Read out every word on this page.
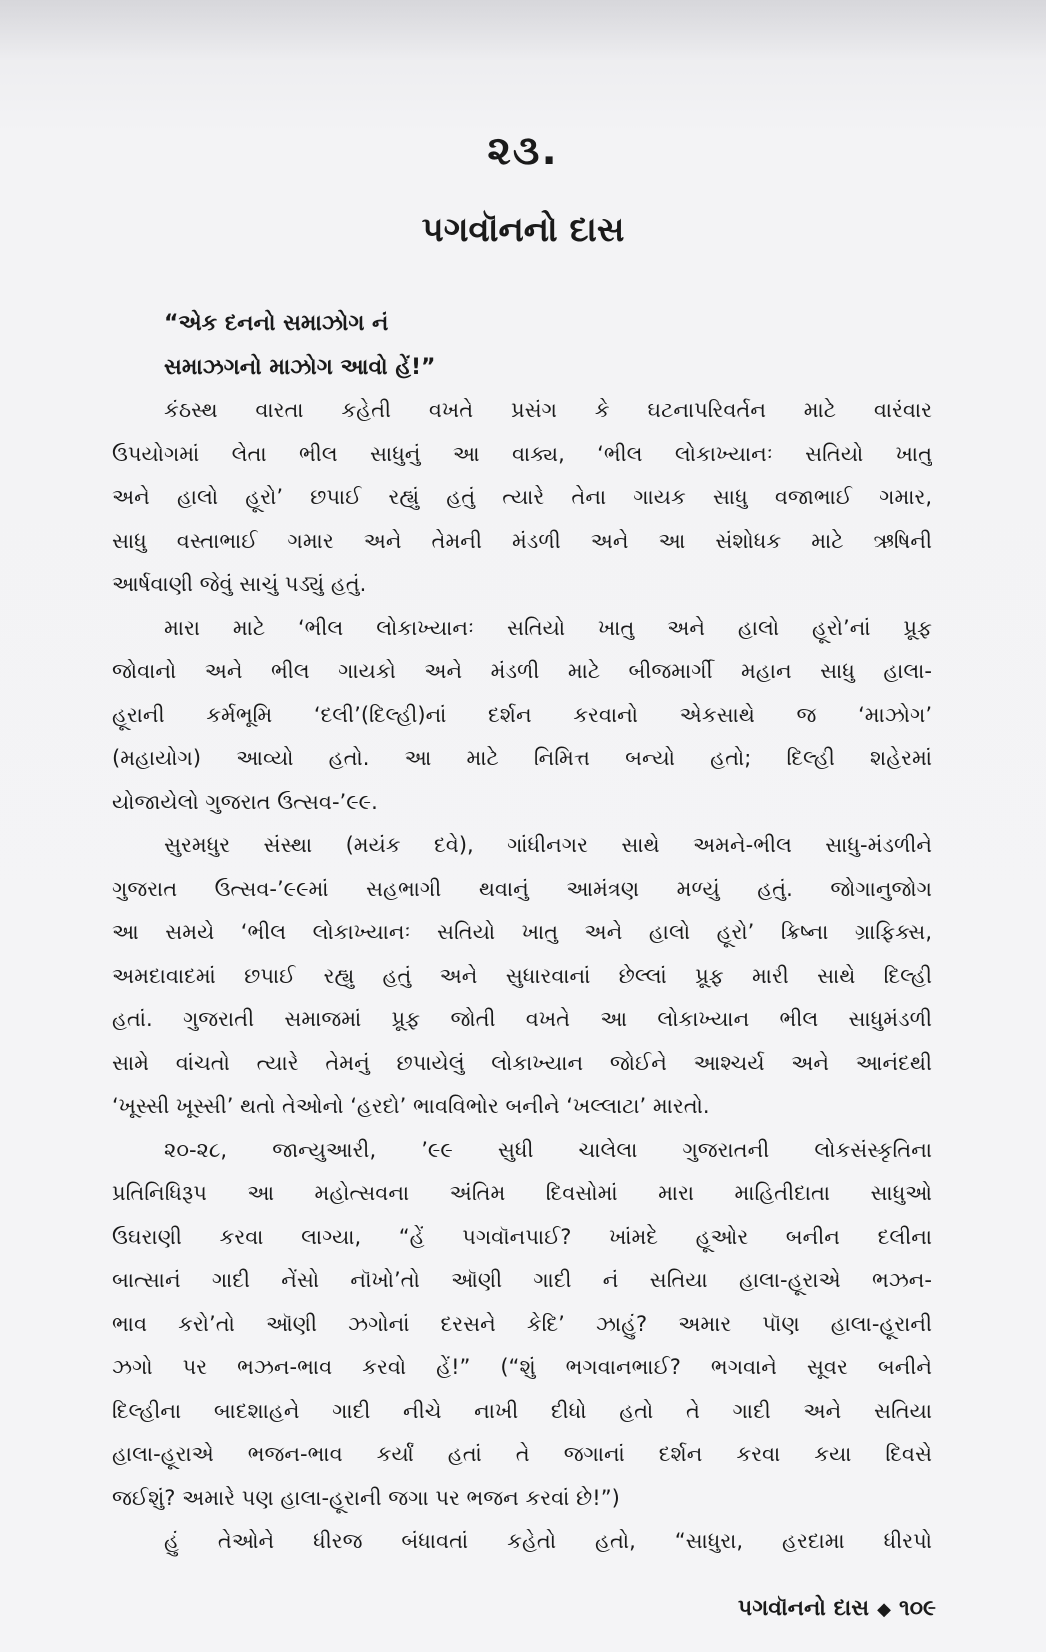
૨૩.
પગવૉનનો દાસ
“એક દનનો સમાઝોગ નં
સમાઝગનો માઝોગ આવો હેં!”
કંઠસ્થ વારતા કહેતી વખતે પ્રસંગ કે ઘટનાપરિવર્તન માટે વારંવાર
ઉપયોગમાં લેતા ભીલ સાધુનું આ વાક્ય, ‘ભીલ લોકાખ્યાનઃ સતિયો ખાતુ
અને હાલો હૂરો’ છપાઈ રહ્યું હતું ત્યારે તેના ગાયક સાધુ વજાભાઈ ગમાર,
સાધુ વસ્તાભાઈ ગમાર અને તેમની મંડળી અને આ સંશોધક માટે ઋષિની
આર્ષવાણી જેવું સાચું પડ્યું હતું.
મારા માટે ‘ભીલ લોકાખ્યાનઃ સતિયો ખાતુ અને હાલો હૂરો’નાં પ્રૂફ
જોવાનો અને ભીલ ગાયકો અને મંડળી માટે બીજમાર્ગી મહાન સાધુ હાલા-
હૂરાની કર્મભૂમિ ‘દલી’(દિલ્હી)નાં દર્શન કરવાનો એકસાથે જ ‘માઝોગ’
(મહાયોગ) આવ્યો હતો. આ માટે નિમિત્ત બન્યો હતો; દિલ્હી શહેરમાં
યોજાયેલો ગુજરાત ઉત્સવ-’૯૯.
સુરમધુર સંસ્થા (મયંક દવે), ગાંધીનગર સાથે અમને-ભીલ સાધુ-મંડળીને
ગુજરાત ઉત્સવ-’૯૯માં સહભાગી થવાનું આમંત્રણ મળ્યું હતું. જોગાનુજોગ
આ સમયે ‘ભીલ લોકાખ્યાનઃ સતિયો ખાતુ અને હાલો હૂરો’ ક્રિષ્ના ગ્રાફિક્સ,
અમદાવાદમાં છપાઈ રહ્યુ હતું અને સુધારવાનાં છેલ્લાં પ્રૂફ મારી સાથે દિલ્હી
હતાં. ગુજરાતી સમાજમાં પ્રૂફ જોતી વખતે આ લોકાખ્યાન ભીલ સાધુમંડળી
સામે વાંચતો ત્યારે તેમનું છપાયેલું લોકાખ્યાન જોઈને આશ્ચર્ય અને આનંદથી
‘ખૂસ્સી ખૂસ્સી’ થતો તેઓનો ‘હરદો’ ભાવવિભોર બનીને ‘ખલ્લાટા’ મારતો.
૨૦-૨૮, જાન્યુઆરી, ’૯૯ સુધી ચાલેલા ગુજરાતની લોકસંસ્કૃતિના
પ્રતિનિધિરૂપ આ મહોત્સવના અંતિમ દિવસોમાં મારા માહિતીદાતા સાધુઓ
ઉઘરાણી કરવા લાગ્યા, “હેં પગવૉનપાઈ? ખાંમદે હૂઓર બનીન દલીના
બાત્સાનં ગાદી નેંસો નૉખો’તો ઑણી ગાદી નં સતિયા હાલા-હૂરાએ ભઝન-
ભાવ કરો’તો ઑણી ઝગોનાં દરસને કેદિ’ ઝાહું? અમાર પૉણ હાલા-હૂરાની
ઝગો પર ભઝન-ભાવ કરવો હેં!” (“શું ભગવાનભાઈ? ભગવાને સૂવર બનીને
દિલ્હીના બાદશાહને ગાદી નીચે નાખી દીધો હતો તે ગાદી અને સતિયા
હાલા-હૂરાએ ભજન-ભાવ કર્યાં હતાં તે જગાનાં દર્શન કરવા કયા દિવસે
જઈશું? અમારે પણ હાલા-હૂરાની જગા પર ભજન કરવાં છે!”)
હું તેઓને ધીરજ બંધાવતાં કહેતો હતો, “સાધુરા, હરદામા ધીરપો
પગવૉનનો દાસ ◆ ૧૦૯
